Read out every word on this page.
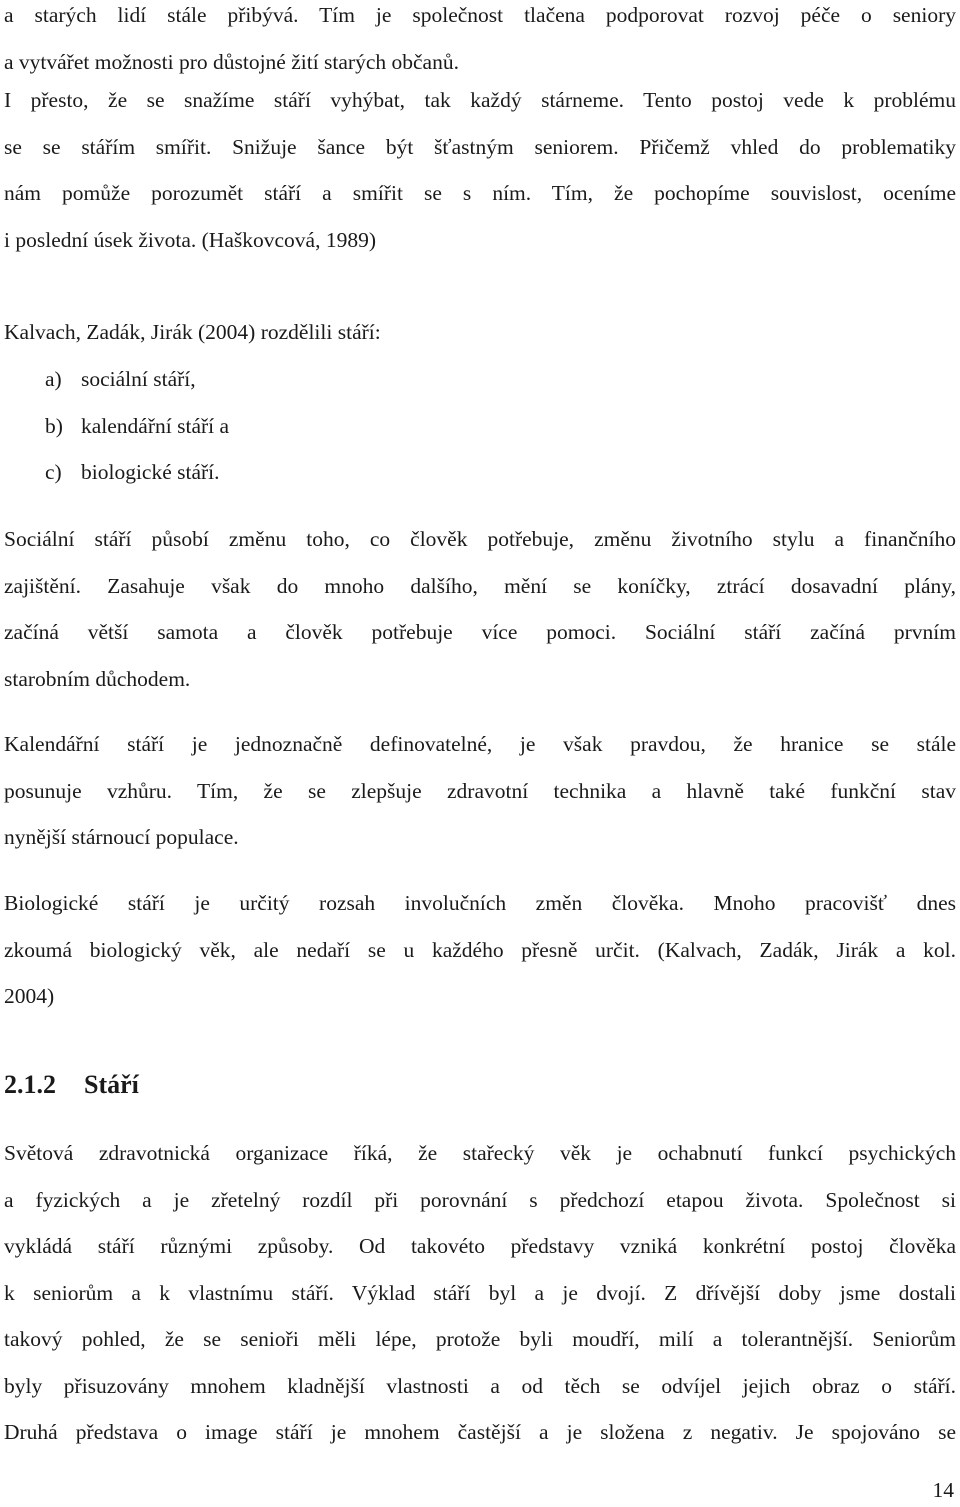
a starých lidí stále přibývá. Tím je společnost tlačena podporovat rozvoj péče o seniory
a vytvářet možnosti pro důstojné žití starých občanů.
I přesto, že se snažíme stáří vyhýbat, tak každý stárneme. Tento postoj vede k problému
se se stářím smířit. Snižuje šance být šťastným seniorem. Přičemž vhled do problematiky
nám pomůže porozumět stáří a smířit se s ním. Tím, že pochopíme souvislost, oceníme
i poslední úsek života. (Haškovcová, 1989)
Kalvach, Zadák, Jirák (2004) rozdělili stáří:
a) sociální stáří,
b) kalendářní stáří a
c) biologické stáří.
Sociální stáří působí změnu toho, co člověk potřebuje, změnu životního stylu a finančního
zajištění. Zasahuje však do mnoho dalšího, mění se koníčky, ztrácí dosavadní plány,
začíná větší samota a člověk potřebuje více pomoci. Sociální stáří začíná prvním
starobním důchodem.
Kalendářní stáří je jednoznačně definovatelné, je však pravdou, že hranice se stále
posunuje vzhůru. Tím, že se zlepšuje zdravotní technika a hlavně také funkční stav
nynější stárnoucí populace.
Biologické stáří je určitý rozsah involučních změn člověka. Mnoho pracovišť dnes
zkoumá biologický věk, ale nedaří se u každého přesně určit. (Kalvach, Zadák, Jirák a kol.
2004)
2.1.2 Stáří
Světová zdravotnická organizace říká, že stařecký věk je ochabnutí funkcí psychických
a fyzických a je zřetelný rozdíl při porovnání s předchozí etapou života. Společnost si
vykládá stáří různými způsoby. Od takovéto představy vzniká konkrétní postoj člověka
k seniorům a k vlastnímu stáří. Výklad stáří byl a je dvojí. Z dřívější doby jsme dostali
takový pohled, že se senioři měli lépe, protože byli moudří, milí a tolerantnější. Seniorům
byly přisuzovány mnohem kladnější vlastnosti a od těch se odvíjel jejich obraz o stáří.
Druhá představa o image stáří je mnohem častější a je složena z negativ. Je spojováno se
14
